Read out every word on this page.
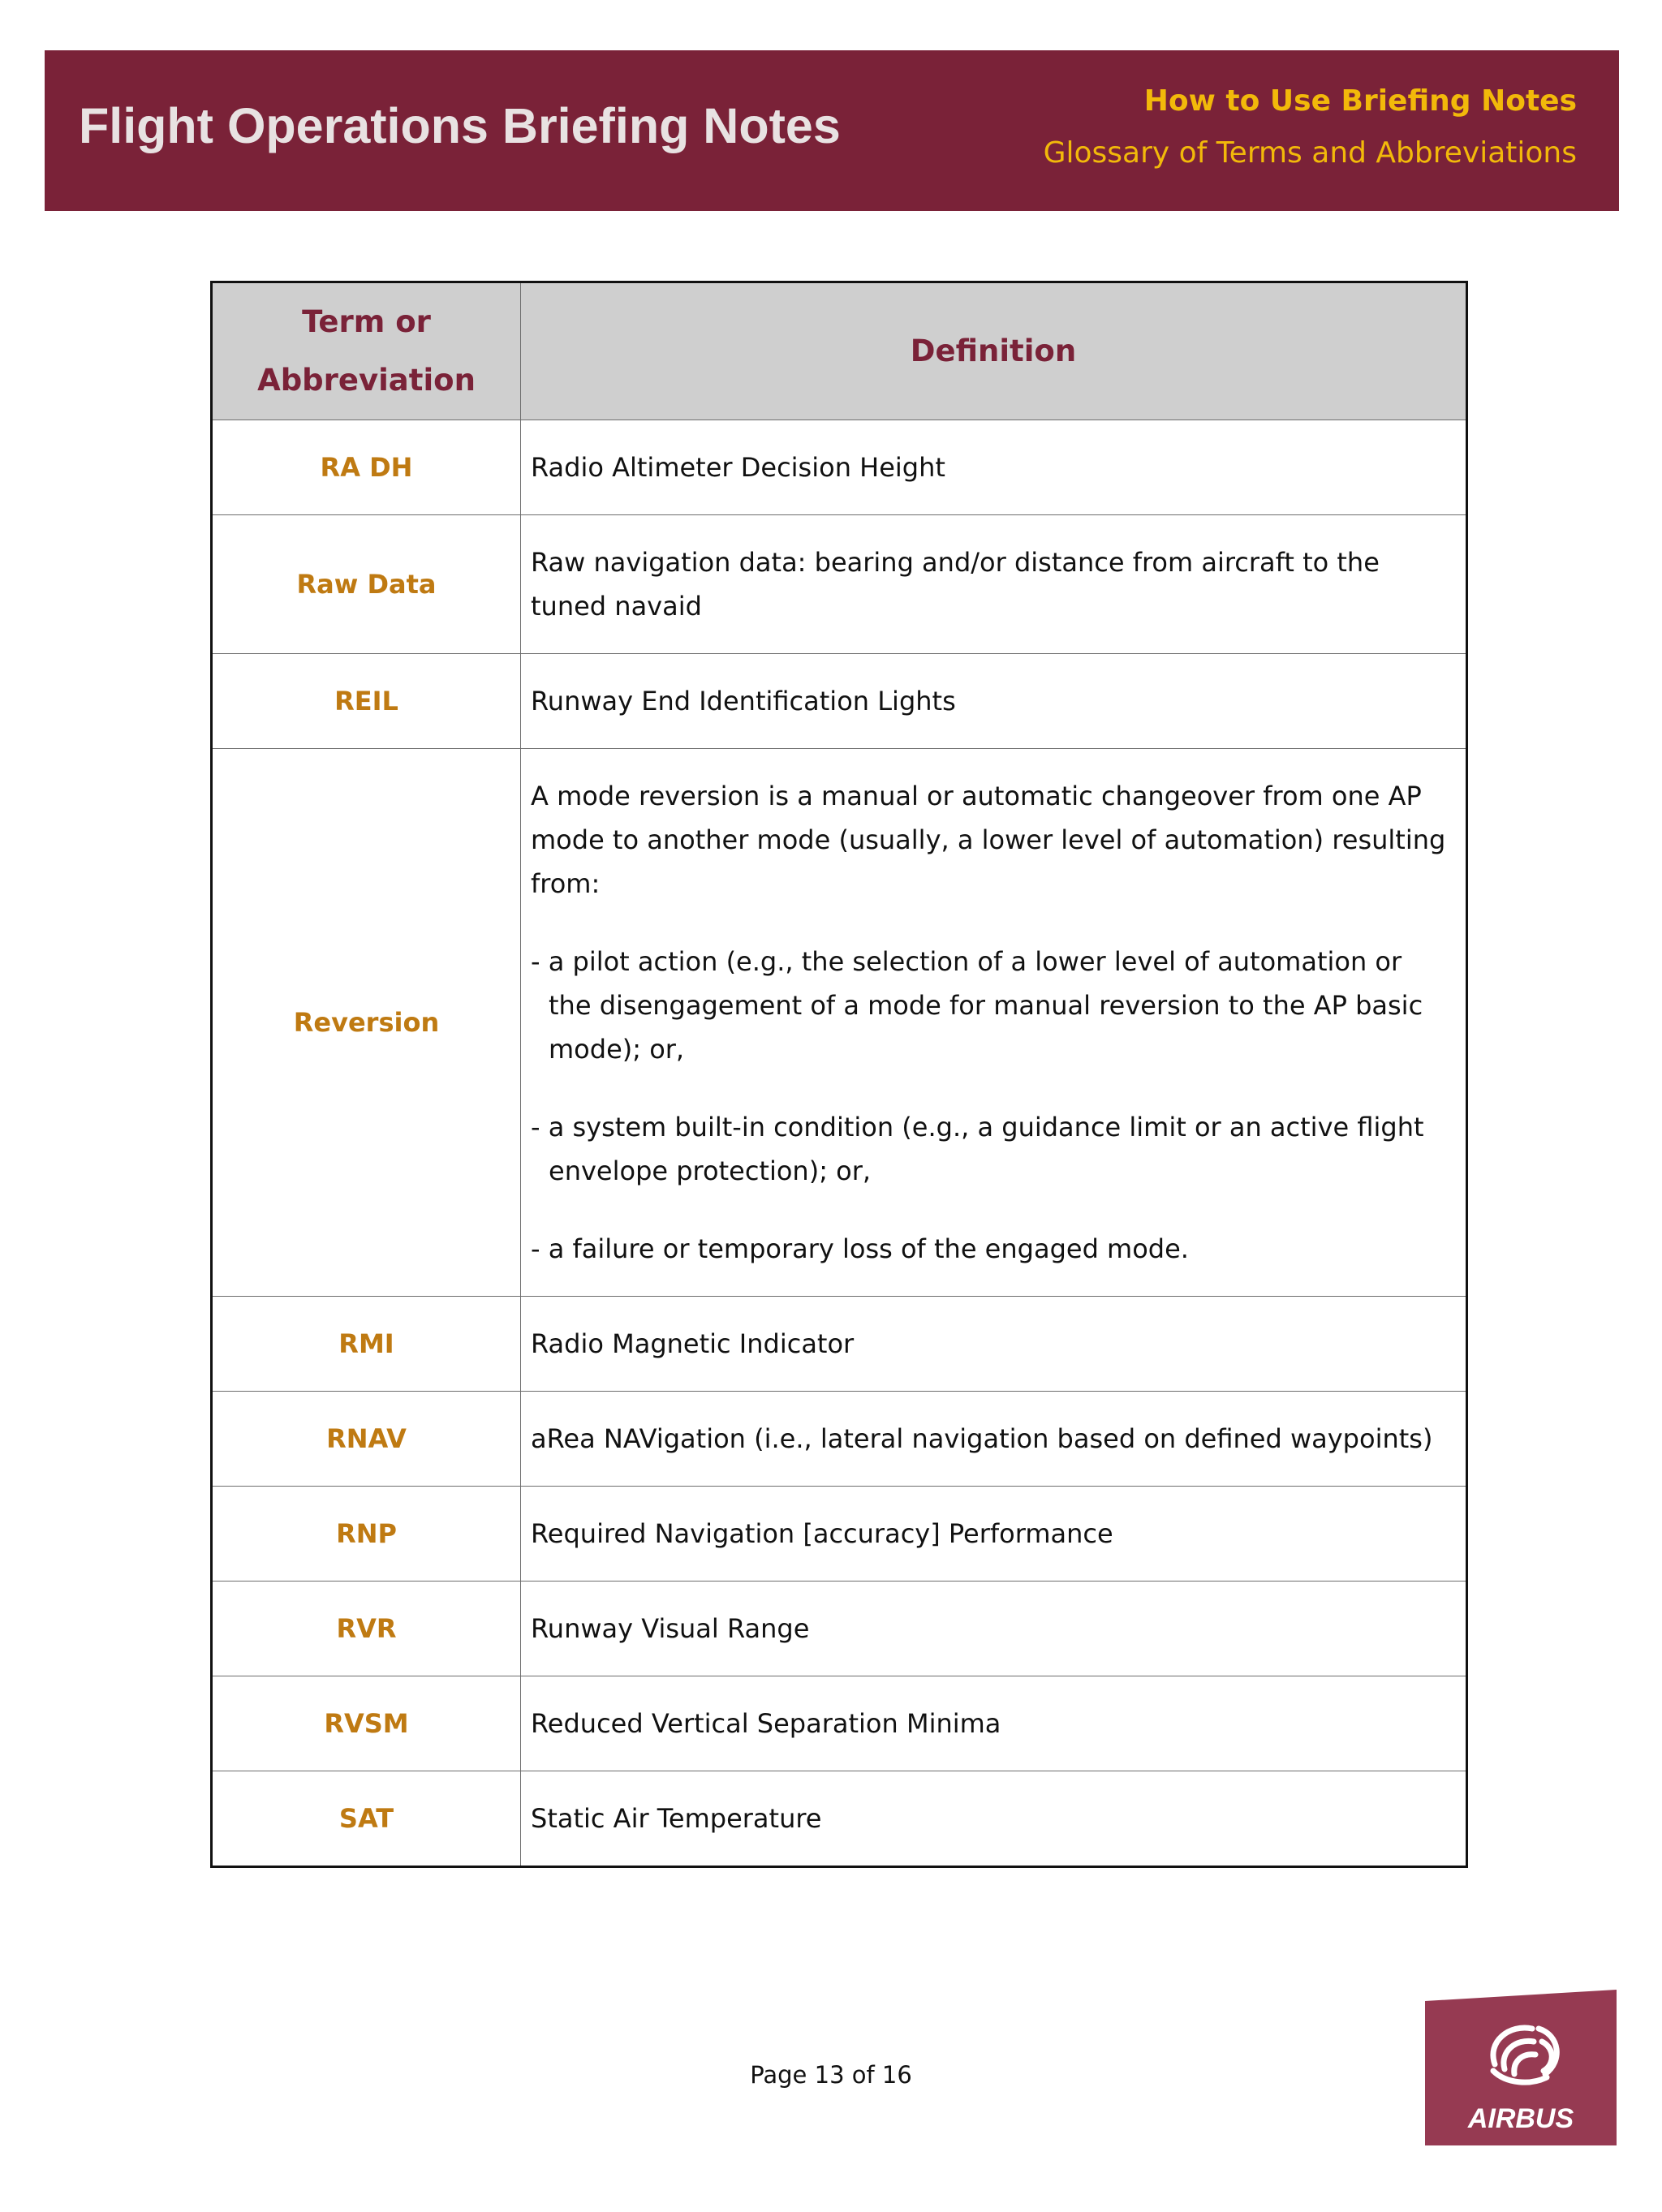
Flight Operations Briefing Notes	How to Use Briefing Notes
Glossary of Terms and Abbreviations
Term or
Abbreviation	Definition
RA DH	Radio Altimeter Decision Height
Raw Data	Raw navigation data: bearing and/or distance from aircraft to the tuned navaid
REIL	Runway End Identification Lights
Reversion	A mode reversion is a manual or automatic changeover from one AP mode to another mode (usually, a lower level of automation) resulting from:

- a pilot action (e.g., the selection of a lower level of automation or the disengagement of a mode for manual reversion to the AP basic mode); or,

- a system built-in condition (e.g., a guidance limit or an active flight envelope protection); or,

- a failure or temporary loss of the engaged mode.

RMI	Radio Magnetic Indicator
RNAV	aRea NAVigation (i.e., lateral navigation based on defined waypoints)
RNP	Required Navigation [accuracy] Performance
RVR	Runway Visual Range
RVSM	Reduced Vertical Separation Minima
SAT	Static Air Temperature
Page 13 of 16
AIRBUS
